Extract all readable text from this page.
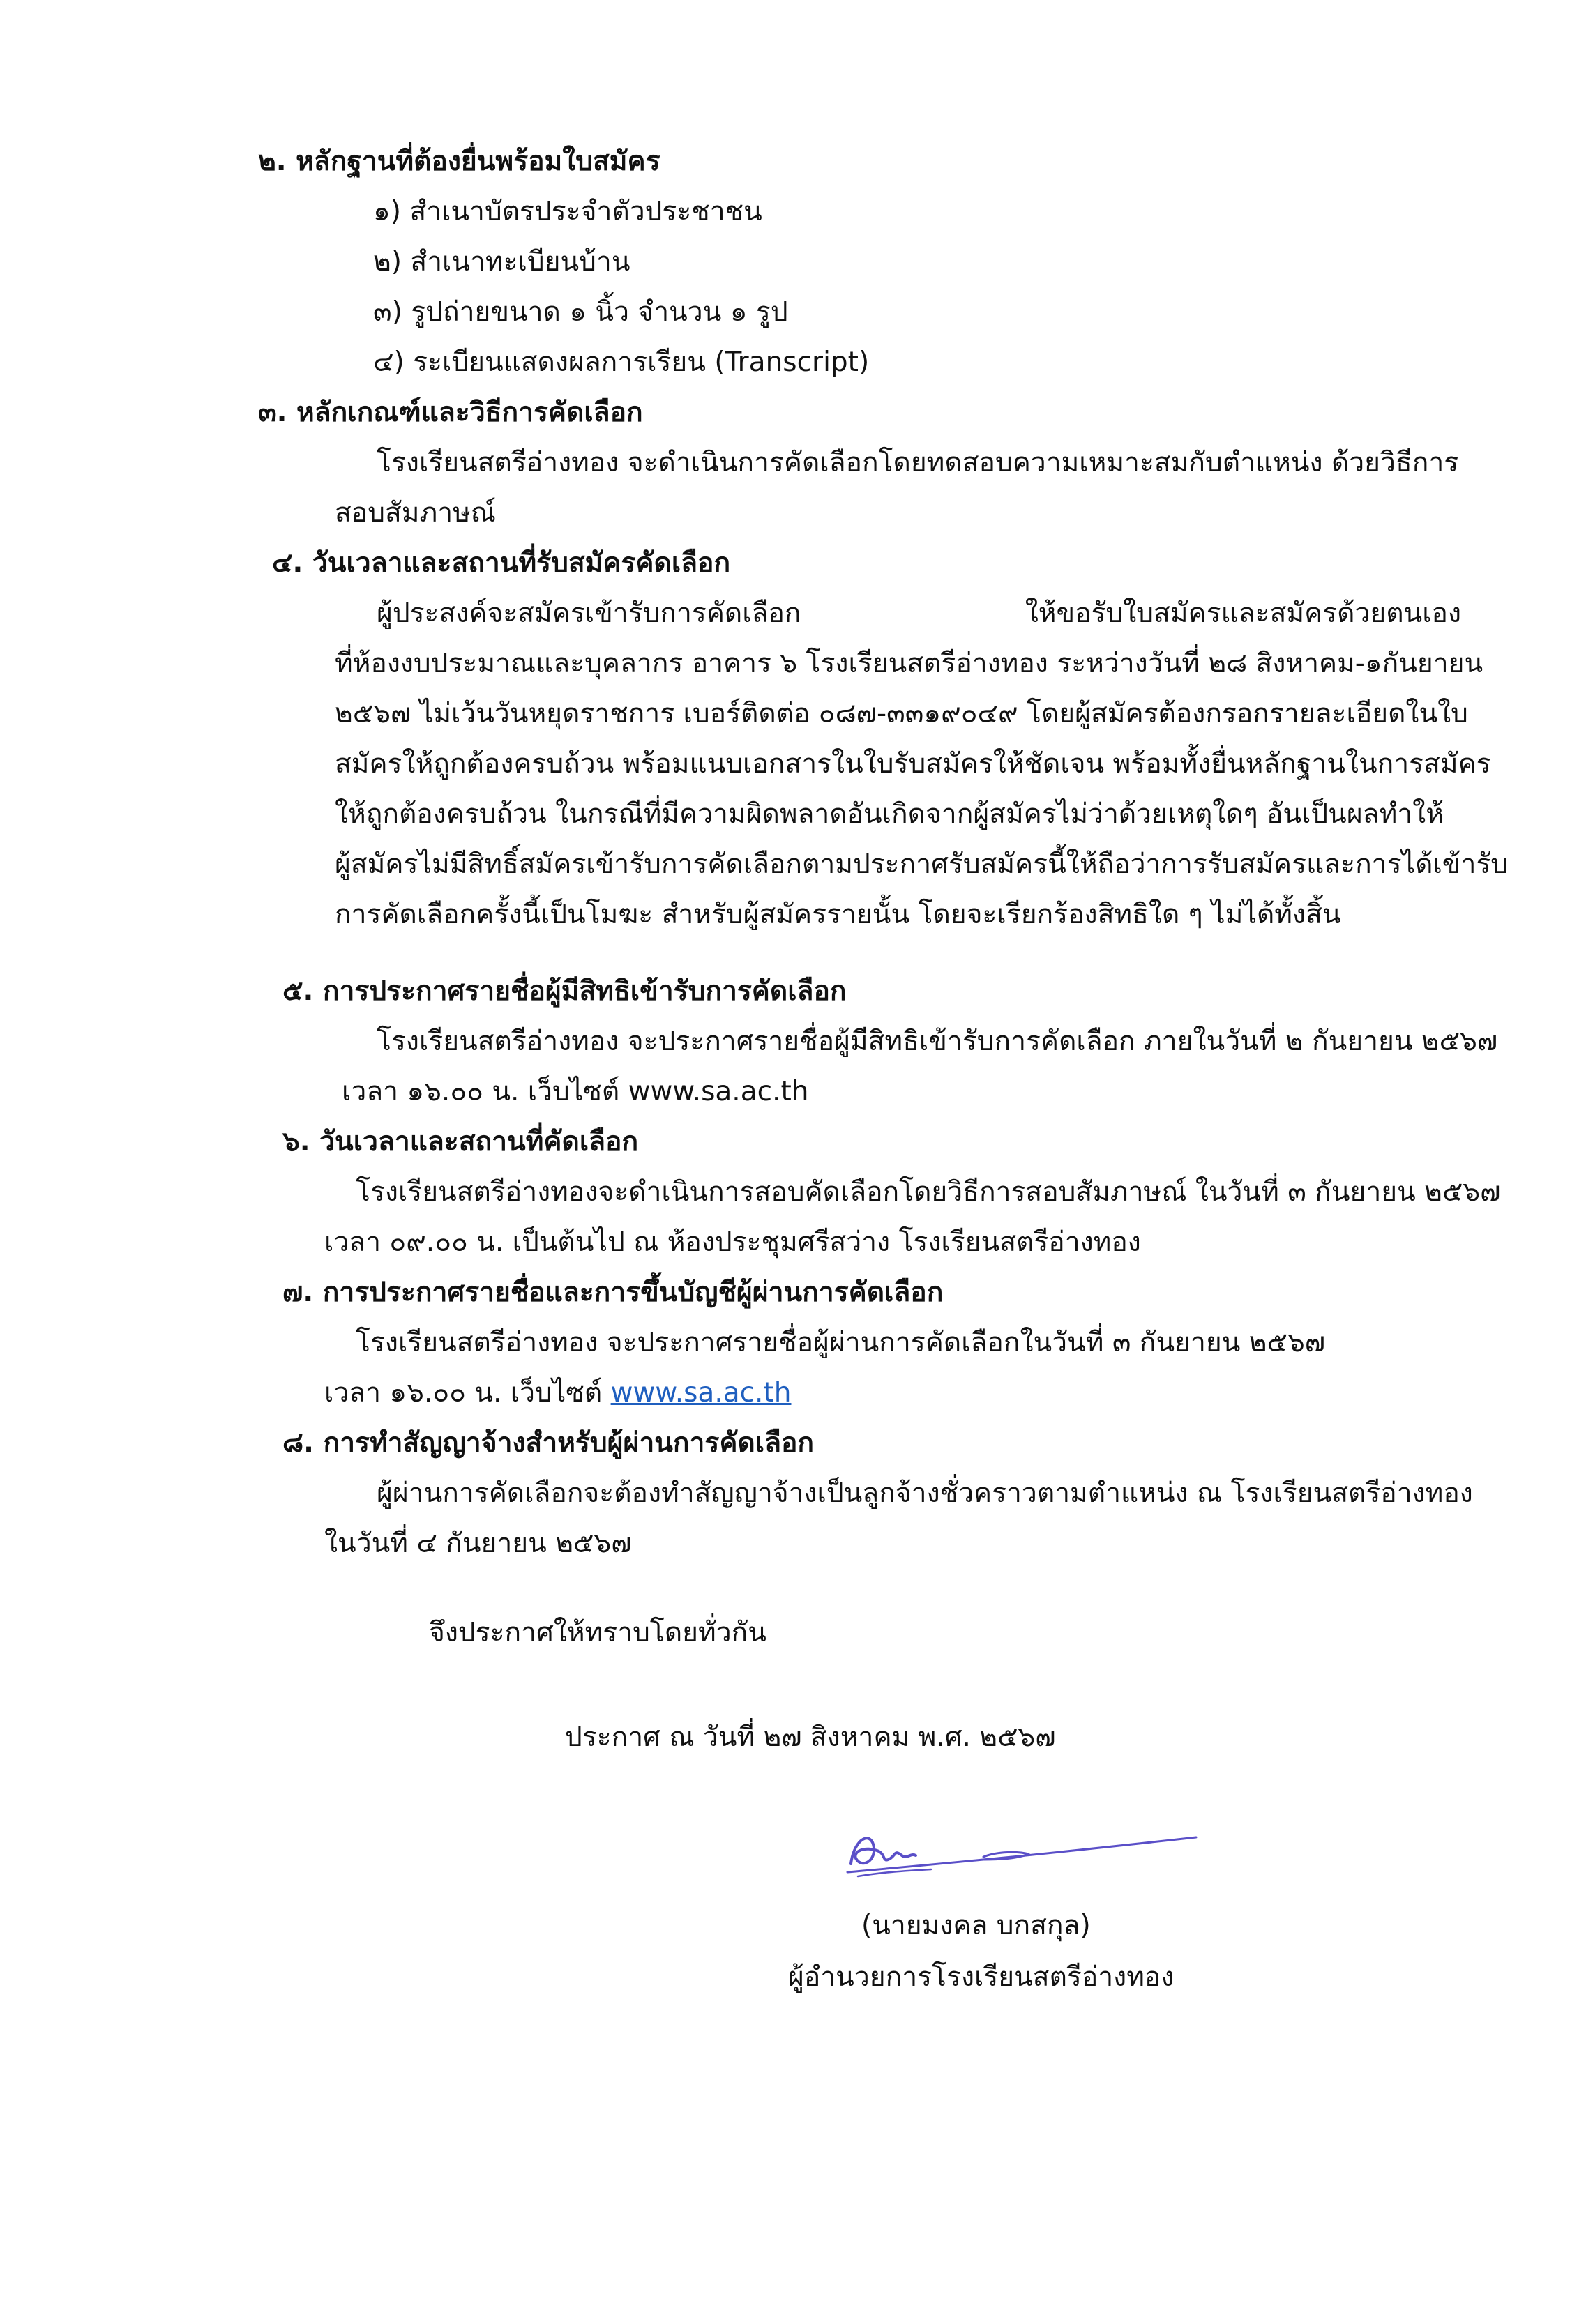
๒. หลักฐานที่ต้องยื่นพร้อมใบสมัคร
๑) สำเนาบัตรประจำตัวประชาชน
๒) สำเนาทะเบียนบ้าน
๓) รูปถ่ายขนาด ๑ นิ้ว จำนวน ๑ รูป
๔) ระเบียนแสดงผลการเรียน (Transcript)
๓. หลักเกณฑ์และวิธีการคัดเลือก
โรงเรียนสตรีอ่างทอง จะดำเนินการคัดเลือกโดยทดสอบความเหมาะสมกับตำแหน่ง ด้วยวิธีการ
สอบสัมภาษณ์
๔. วันเวลาและสถานที่รับสมัครคัดเลือก
ผู้ประสงค์จะสมัครเข้ารับการคัดเลือก	ให้ขอรับใบสมัครและสมัครด้วยตนเอง
ที่ห้องงบประมาณและบุคลากร อาคาร ๖ โรงเรียนสตรีอ่างทอง ระหว่างวันที่ ๒๘ สิงหาคม-๑กันยายน
๒๕๖๗ ไม่เว้นวันหยุดราชการ เบอร์ติดต่อ ๐๘๗-๓๓๑๙๐๔๙ โดยผู้สมัครต้องกรอกรายละเอียดในใบ
สมัครให้ถูกต้องครบถ้วน พร้อมแนบเอกสารในใบรับสมัครให้ชัดเจน พร้อมทั้งยื่นหลักฐานในการสมัคร
ให้ถูกต้องครบถ้วน ในกรณีที่มีความผิดพลาดอันเกิดจากผู้สมัครไม่ว่าด้วยเหตุใดๆ อันเป็นผลทำให้
ผู้สมัครไม่มีสิทธิ์สมัครเข้ารับการคัดเลือกตามประกาศรับสมัครนี้ให้ถือว่าการรับสมัครและการได้เข้ารับ
การคัดเลือกครั้งนี้เป็นโมฆะ สำหรับผู้สมัครรายนั้น โดยจะเรียกร้องสิทธิใด ๆ ไม่ได้ทั้งสิ้น
๕. การประกาศรายชื่อผู้มีสิทธิเข้ารับการคัดเลือก
โรงเรียนสตรีอ่างทอง จะประกาศรายชื่อผู้มีสิทธิเข้ารับการคัดเลือก ภายในวันที่ ๒ กันยายน ๒๕๖๗
เวลา ๑๖.๐๐ น. เว็บไซต์ www.sa.ac.th
๖. วันเวลาและสถานที่คัดเลือก
โรงเรียนสตรีอ่างทองจะดำเนินการสอบคัดเลือกโดยวิธีการสอบสัมภาษณ์ ในวันที่ ๓ กันยายน ๒๕๖๗
เวลา ๐๙.๐๐ น. เป็นต้นไป ณ ห้องประชุมศรีสว่าง โรงเรียนสตรีอ่างทอง
๗. การประกาศรายชื่อและการขึ้นบัญชีผู้ผ่านการคัดเลือก
โรงเรียนสตรีอ่างทอง จะประกาศรายชื่อผู้ผ่านการคัดเลือกในวันที่ ๓ กันยายน ๒๕๖๗
เวลา ๑๖.๐๐ น. เว็บไซต์ www.sa.ac.th
๘. การทำสัญญาจ้างสำหรับผู้ผ่านการคัดเลือก
ผู้ผ่านการคัดเลือกจะต้องทำสัญญาจ้างเป็นลูกจ้างชั่วคราวตามตำแหน่ง ณ โรงเรียนสตรีอ่างทอง
ในวันที่ ๔ กันยายน ๒๕๖๗
จึงประกาศให้ทราบโดยทั่วกัน
ประกาศ ณ วันที่ ๒๗ สิงหาคม พ.ศ. ๒๕๖๗
(นายมงคล บกสกุล)
ผู้อำนวยการโรงเรียนสตรีอ่างทอง
